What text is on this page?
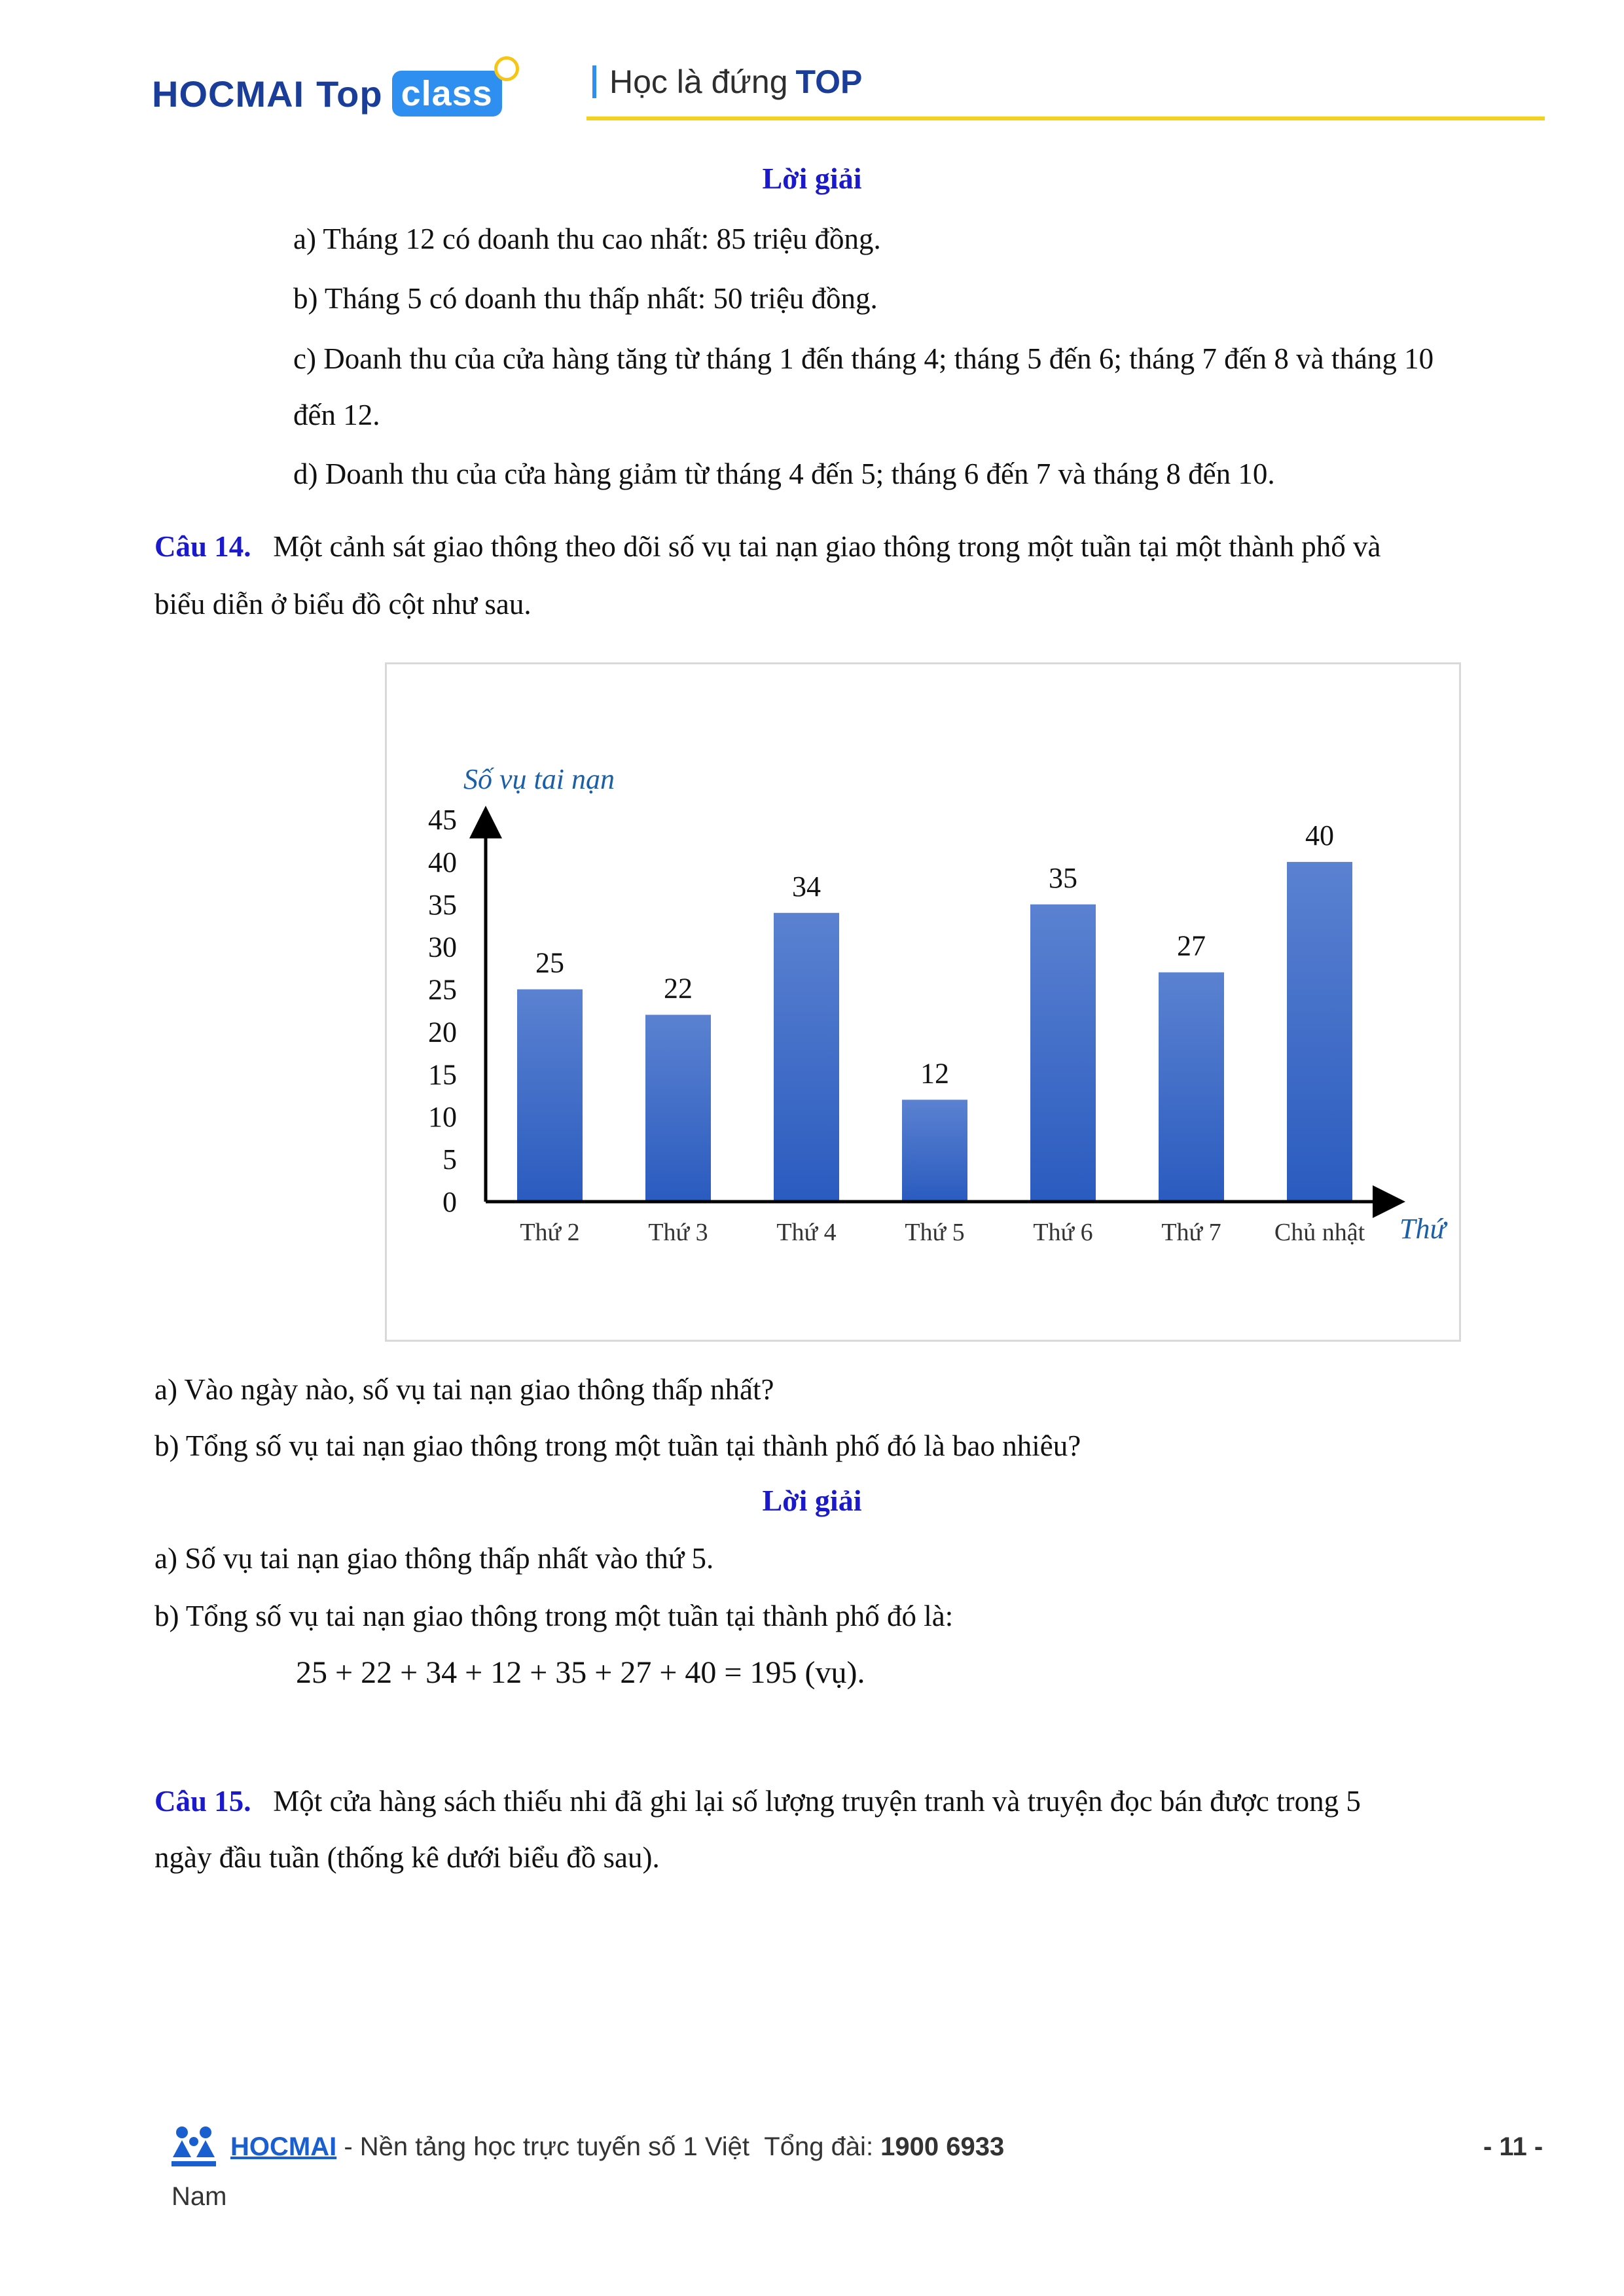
HOCMAI Top class	Học là đứng TOP
Lời giải
a) Tháng 12 có doanh thu cao nhất: 85 triệu đồng.
b) Tháng 5 có doanh thu thấp nhất: 50 triệu đồng.
c) Doanh thu của cửa hàng tăng từ tháng 1 đến tháng 4; tháng 5 đến 6; tháng 7 đến 8 và tháng 10
đến 12.
d) Doanh thu của cửa hàng giảm từ tháng 4 đến 5; tháng 6 đến 7 và tháng 8 đến 10.
Câu 14. Một cảnh sát giao thông theo dõi số vụ tai nạn giao thông trong một tuần tại một thành phố và
biểu diễn ở biểu đồ cột như sau.
25
22
34
12
35
27
40
0
5
10
15
20
25
30
35
40
45
Thứ 2	Thứ 3	Thứ 4	Thứ 5	Thứ 6	Thứ 7 Chủ nhật
Số vụ tai nạn
Thứ
a) Vào ngày nào, số vụ tai nạn giao thông thấp nhất?
b) Tổng số vụ tai nạn giao thông trong một tuần tại thành phố đó là bao nhiêu?
Lời giải
a) Số vụ tai nạn giao thông thấp nhất vào thứ 5.
b) Tổng số vụ tai nạn giao thông trong một tuần tại thành phố đó là:
25 + 22 + 34 + 12 + 35 + 27 + 40 = 195 (vụ).
Câu 15. Một cửa hàng sách thiếu nhi đã ghi lại số lượng truyện tranh và truyện đọc bán được trong 5
ngày đầu tuần (thống kê dưới biểu đồ sau).
HOCMAI - Nền tảng học trực tuyến số 1 Việt  Tổng đài: 1900 6933	- 11 -
Nam
